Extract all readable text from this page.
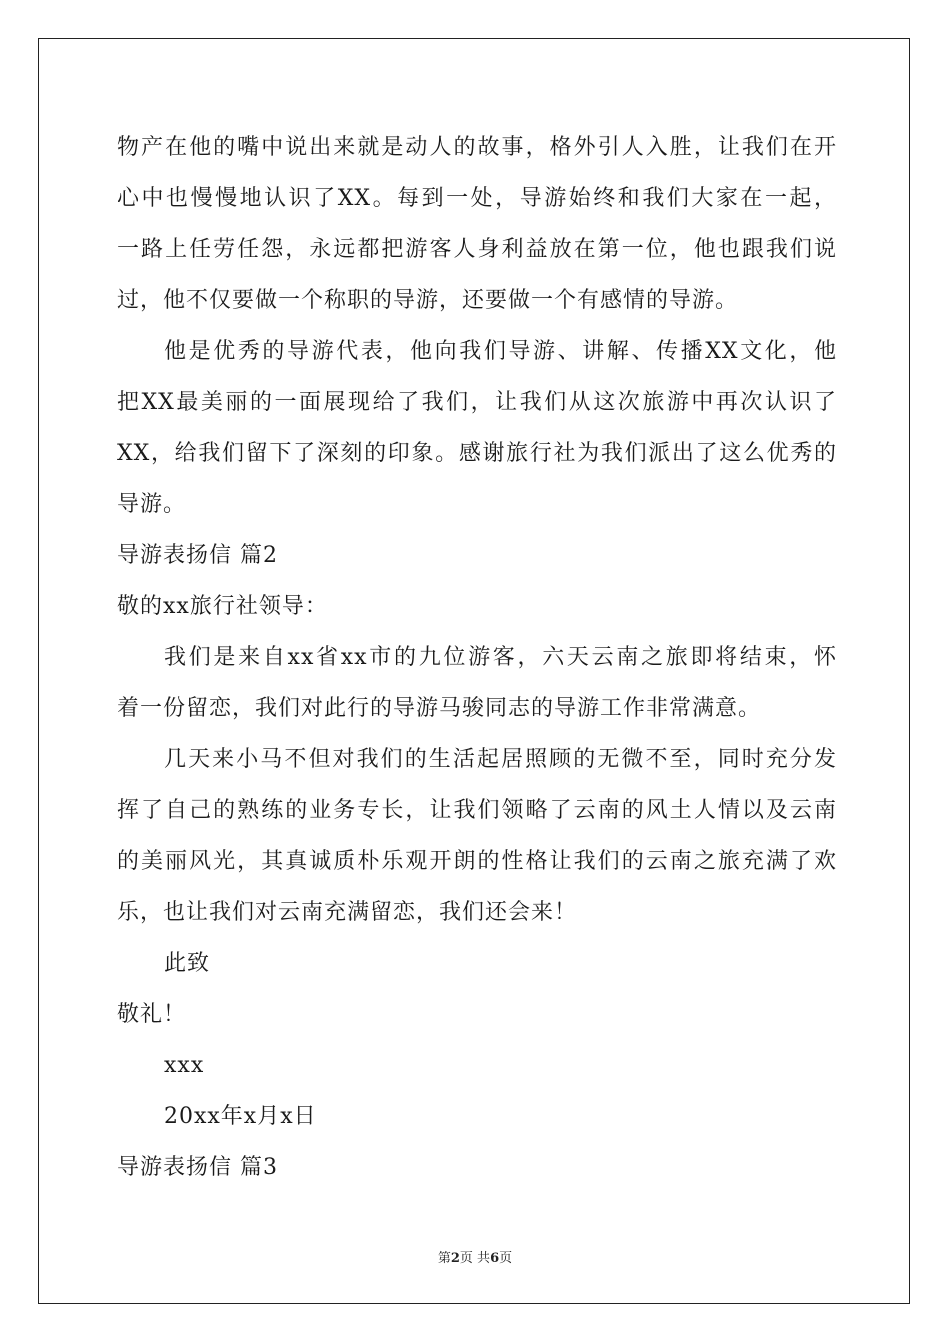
物产在他的嘴中说出来就是动人的故事，格外引人入胜，让我们在开
心中也慢慢地认识了XX。每到一处，导游始终和我们大家在一起，
一路上任劳任怨，永远都把游客人身利益放在第一位，他也跟我们说
过，他不仅要做一个称职的导游，还要做一个有感情的导游。
他是优秀的导游代表，他向我们导游、讲解、传播XX文化，他
把XX最美丽的一面展现给了我们，让我们从这次旅游中再次认识了
XX，给我们留下了深刻的印象。感谢旅行社为我们派出了这么优秀的
导游。
导游表扬信 篇2
敬的xx旅行社领导：
我们是来自xx省xx市的九位游客，六天云南之旅即将结束，怀
着一份留恋，我们对此行的导游马骏同志的导游工作非常满意。
几天来小马不但对我们的生活起居照顾的无微不至，同时充分发
挥了自己的熟练的业务专长，让我们领略了云南的风土人情以及云南
的美丽风光，其真诚质朴乐观开朗的性格让我们的云南之旅充满了欢
乐，也让我们对云南充满留恋，我们还会来！
此致
敬礼！
xxx
20xx年x月x日
导游表扬信 篇3
第2页 共6页
